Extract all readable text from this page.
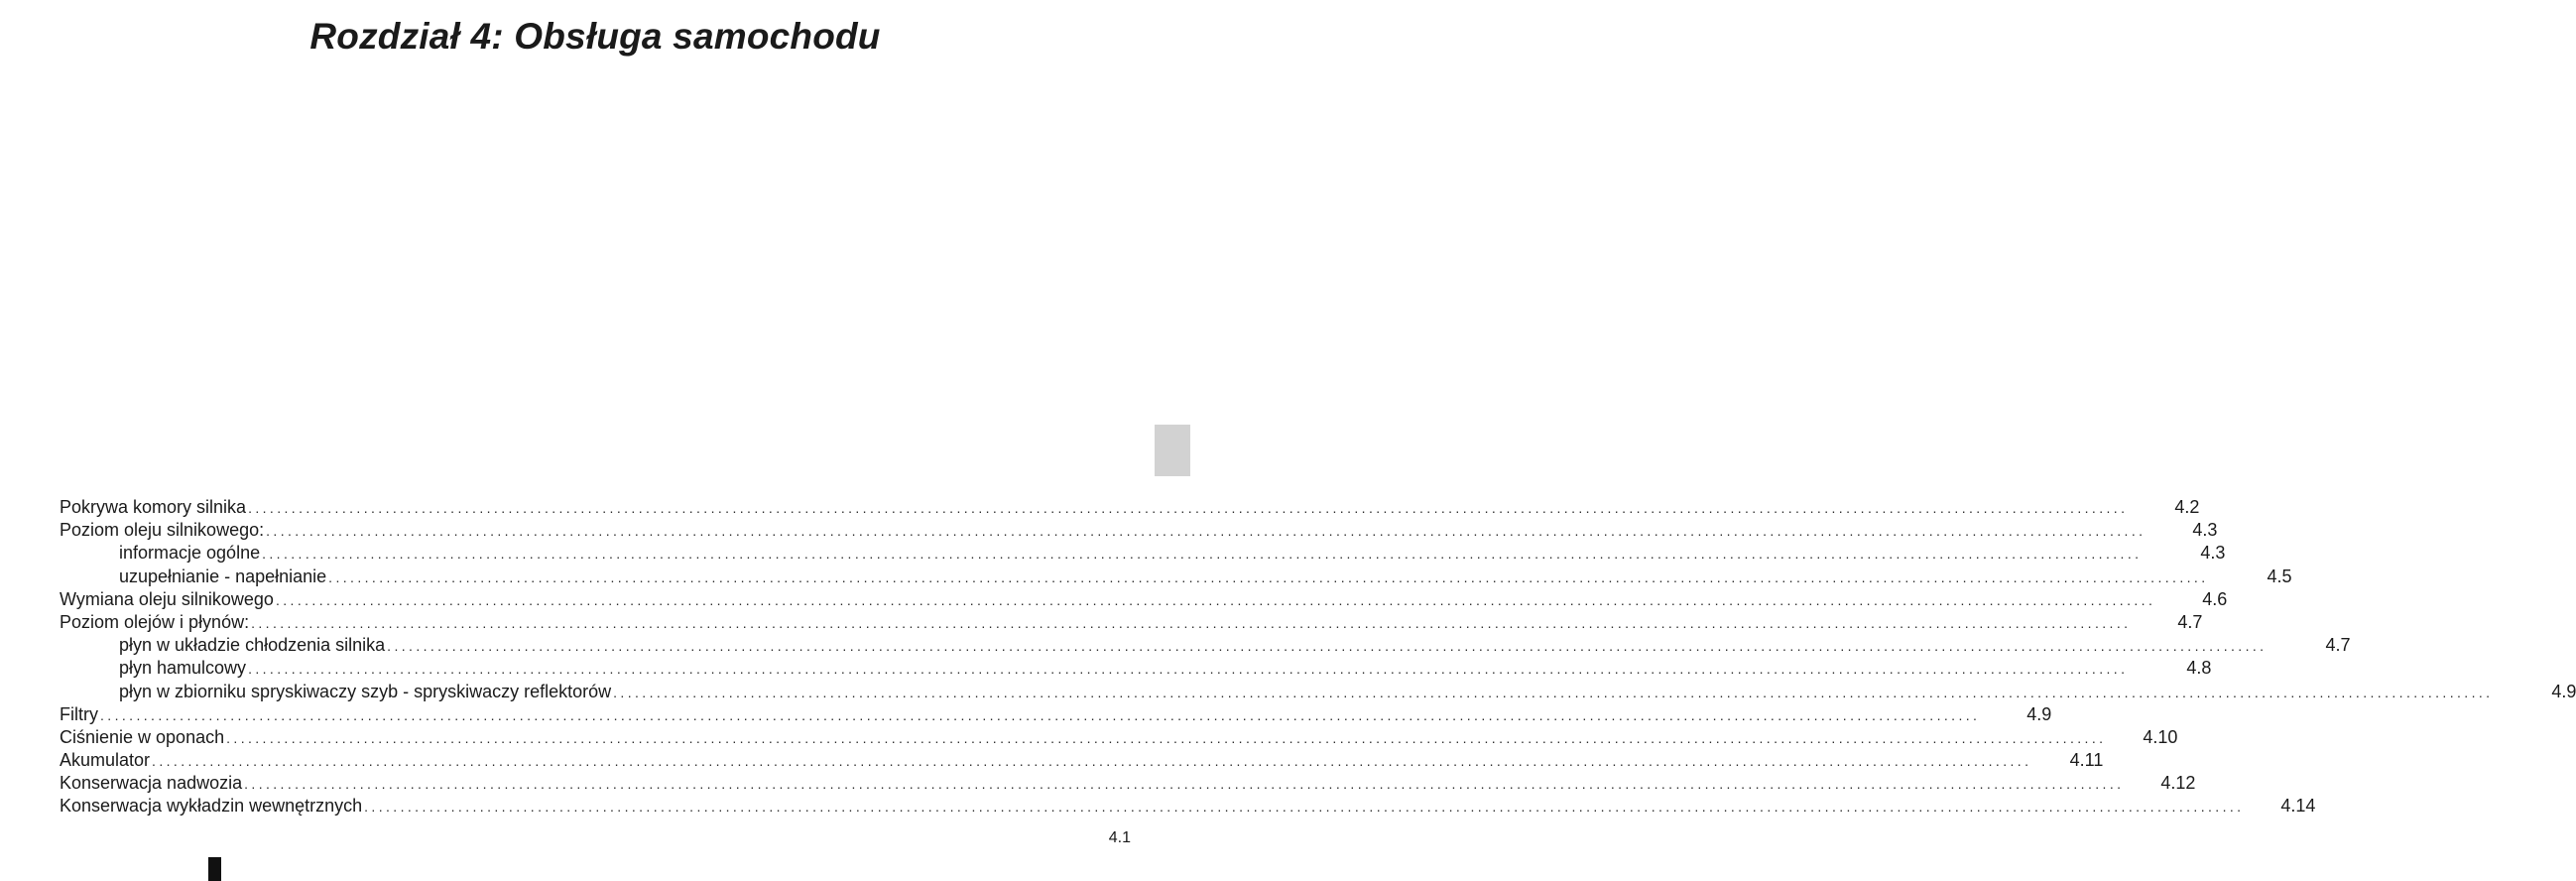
Rozdział 4: Obsługa samochodu
Pokrywa komory silnika ....................................................................................................................................................................................................................................................................	4.2
Poziom oleju silnikowego: ....................................................................................................................................................................................................................................................................	4.3
informacje ogólne ....................................................................................................................................................................................................................................................................	4.3
uzupełnianie - napełnianie ....................................................................................................................................................................................................................................................................	4.5
Wymiana oleju silnikowego ....................................................................................................................................................................................................................................................................	4.6
Poziom olejów i płynów: ....................................................................................................................................................................................................................................................................	4.7
płyn w układzie chłodzenia silnika ....................................................................................................................................................................................................................................................................	4.7
płyn hamulcowy ....................................................................................................................................................................................................................................................................	4.8
płyn w zbiorniku spryskiwaczy szyb - spryskiwaczy reflektorów ....................................................................................................................................................................................................................................................................	4.9
Filtry ....................................................................................................................................................................................................................................................................	4.9
Ciśnienie w oponach ....................................................................................................................................................................................................................................................................	4.10
Akumulator ....................................................................................................................................................................................................................................................................	4.11
Konserwacja nadwozia ....................................................................................................................................................................................................................................................................	4.12
Konserwacja wykładzin wewnętrznych ....................................................................................................................................................................................................................................................................	4.14
4.1
